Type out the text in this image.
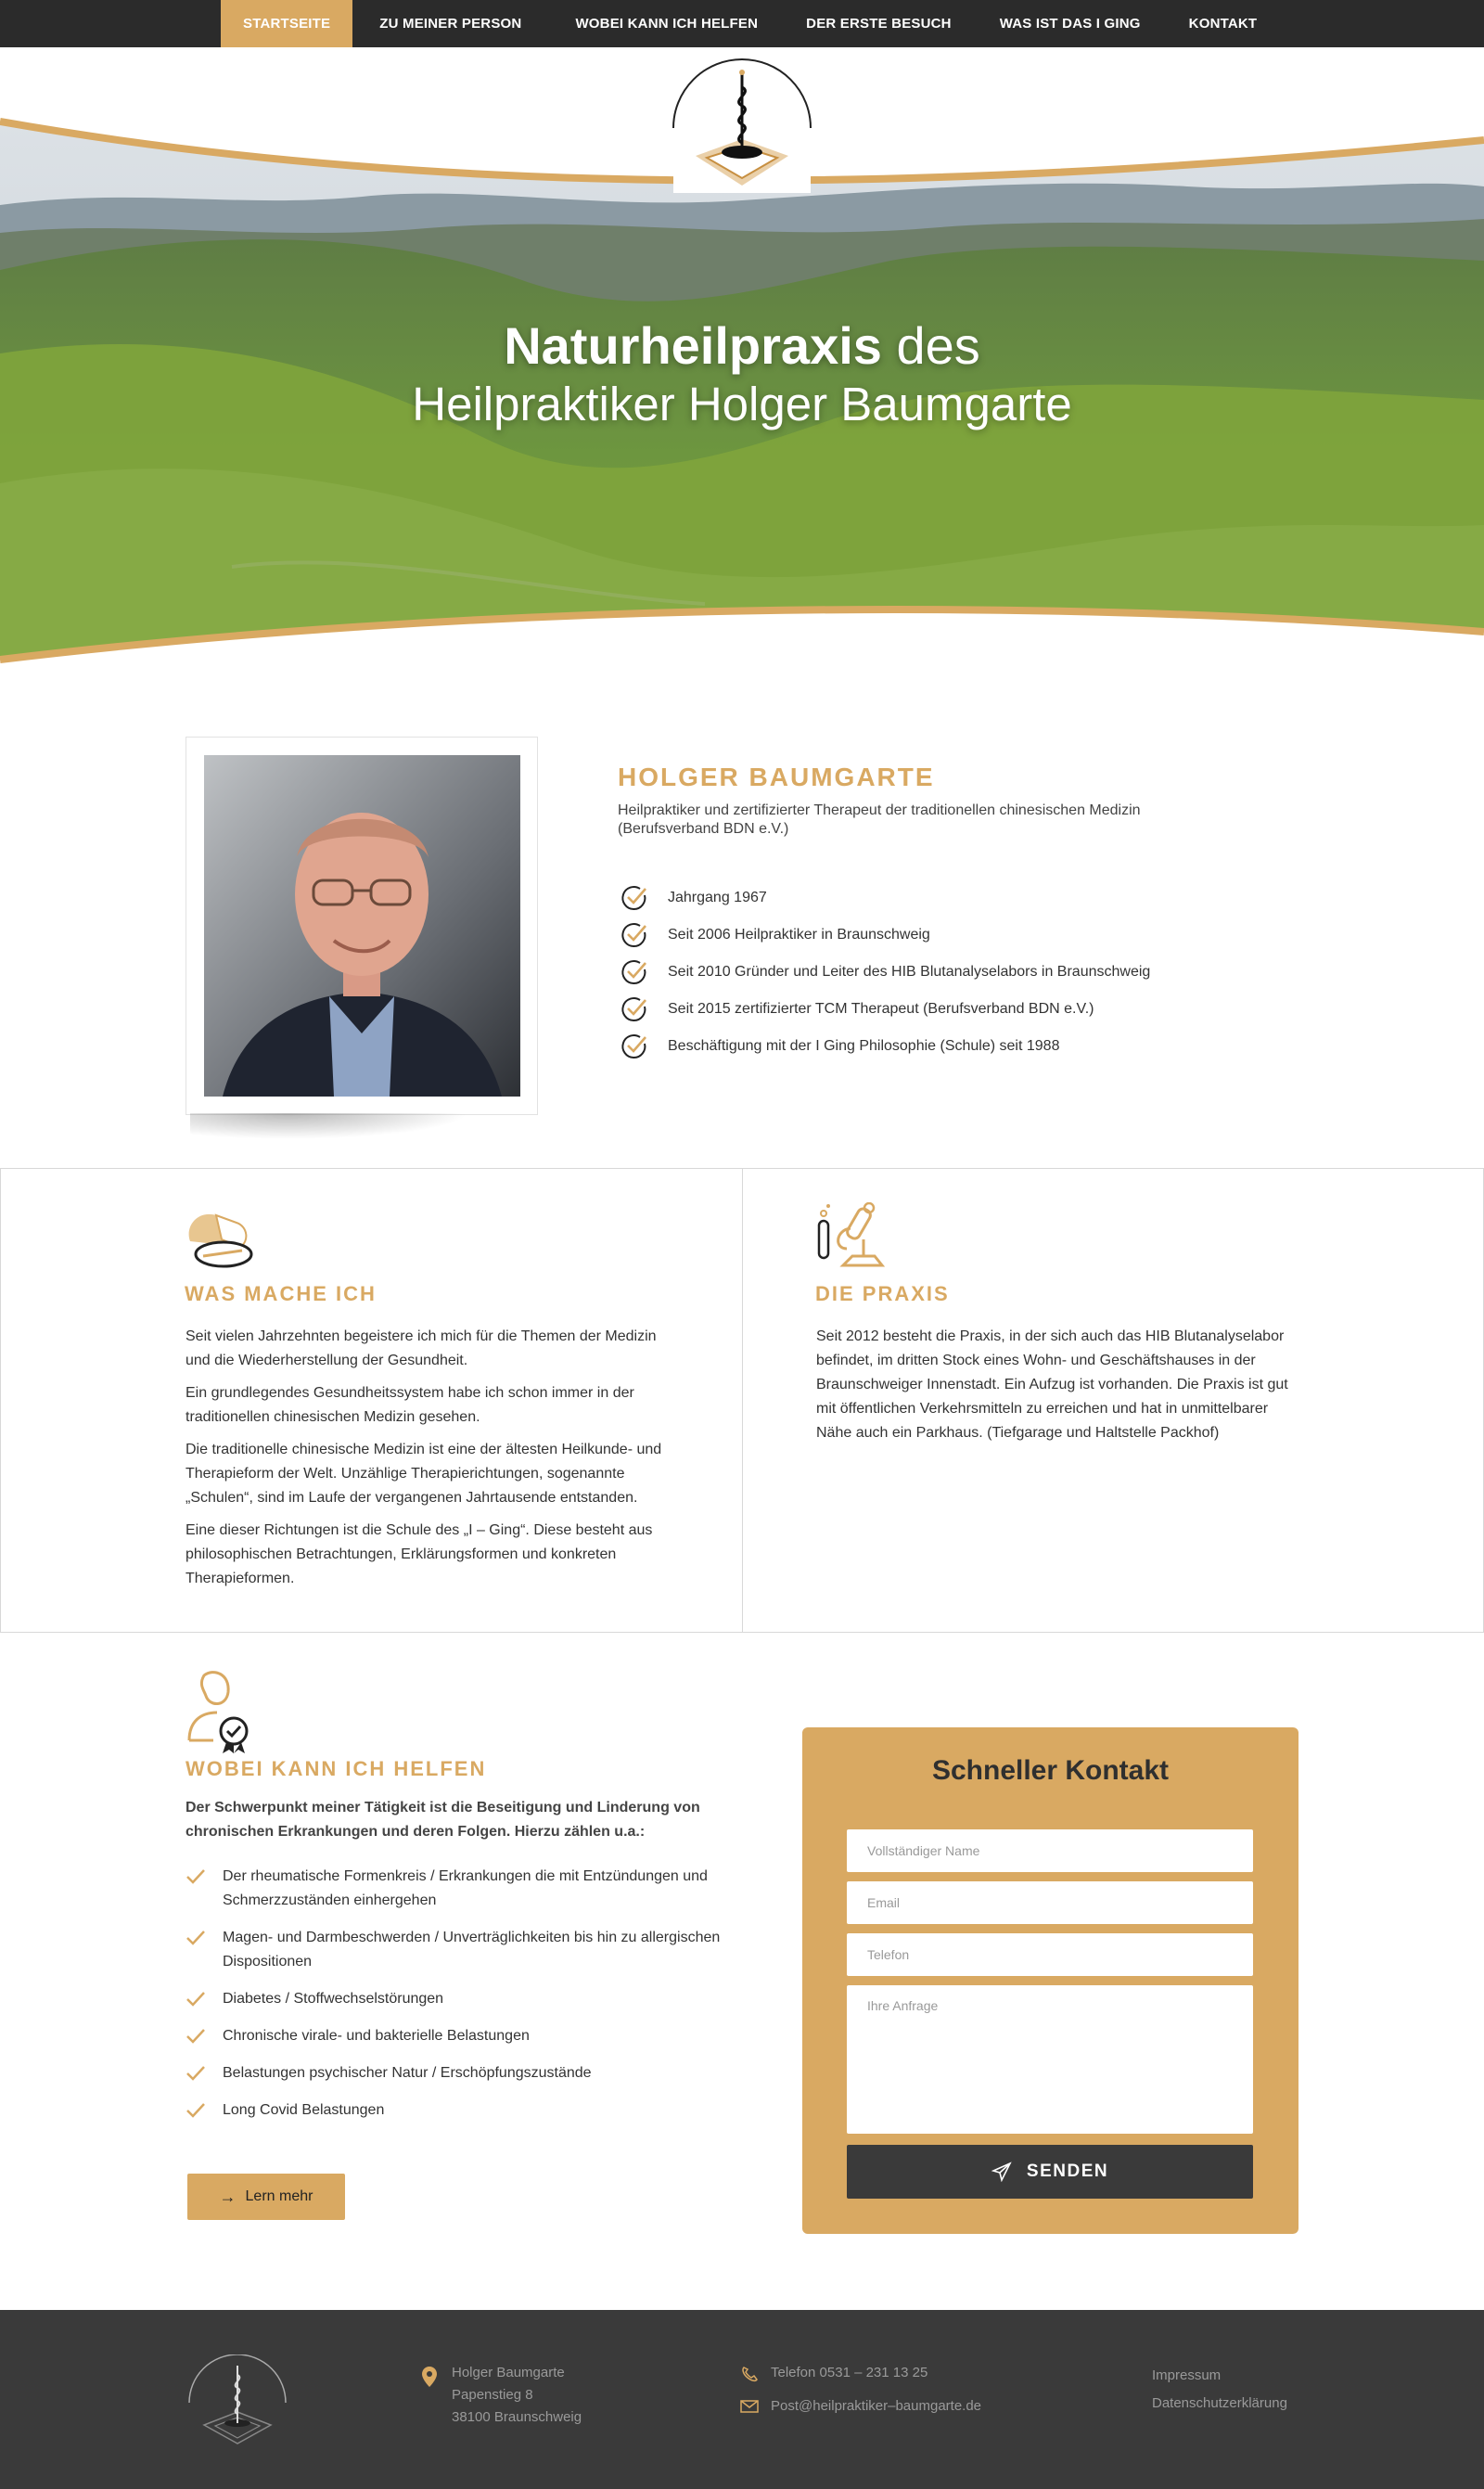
STARTSEITE	ZU MEINER PERSON	WOBEI KANN ICH HELFEN	DER ERSTE BESUCH	WAS IST DAS I GING	KONTAKT
Naturheilpraxis des
Heilpraktiker Holger Baumgarte
HOLGER BAUMGARTE
Heilpraktiker und zertifizierter Therapeut der traditionellen chinesischen Medizin (Berufsverband BDN e.V.)
Jahrgang 1967
Seit 2006 Heilpraktiker in Braunschweig
Seit 2010 Gründer und Leiter des HIB Blutanalyselabors in Braunschweig
Seit 2015 zertifizierter TCM Therapeut (Berufsverband BDN e.V.)
Beschäftigung mit der I Ging Philosophie (Schule) seit 1988
WAS MACHE ICH

Seit vielen Jahrzehnten begeistere ich mich für die Themen der Medizin und die Wiederherstellung der Gesundheit.

Ein grundlegendes Gesundheitssystem habe ich schon immer in der traditionellen chinesischen Medizin gesehen.

Die traditionelle chinesische Medizin ist eine der ältesten Heilkunde- und Therapieform der Welt. Unzählige Therapierichtungen, sogenannte „Schulen“, sind im Laufe der vergangenen Jahrtausende entstanden.

Eine dieser Richtungen ist die Schule des „I – Ging“. Diese besteht aus philosophischen Betrachtungen, Erklärungsformen und konkreten Therapieformen.

DIE PRAXIS
Seit 2012 besteht die Praxis, in der sich auch das HIB Blutanalyselabor befindet, im dritten Stock eines Wohn- und Geschäftshauses in der Braunschweiger Innenstadt. Ein Aufzug ist vorhanden. Die Praxis ist gut mit öffentlichen Verkehrsmitteln zu erreichen und hat in unmittelbarer Nähe auch ein Parkhaus. (Tiefgarage und Haltstelle Packhof)
WOBEI KANN ICH HELFEN
Der Schwerpunkt meiner Tätigkeit ist die Beseitigung und Linderung von chronischen Erkrankungen und deren Folgen. Hierzu zählen u.a.:
Der rheumatische Formenkreis / Erkrankungen die mit Entzündungen und Schmerzzuständen einhergehen
Magen- und Darmbeschwerden / Unverträglichkeiten bis hin zu allergischen Dispositionen
Diabetes / Stoffwechselstörungen
Chronische virale- und bakterielle Belastungen
Belastungen psychischer Natur / Erschöpfungszustände
Long Covid Belastungen
→ Lern mehr
Schneller Kontakt
Vollständiger Name
Email
Telefon
Ihre Anfrage
SENDEN
Holger Baumgarte
Papenstieg 8
38100 Braunschweig
Telefon 0531 – 231 13 25
Post@heilpraktiker–baumgarte.de
Impressum
Datenschutzerklärung
